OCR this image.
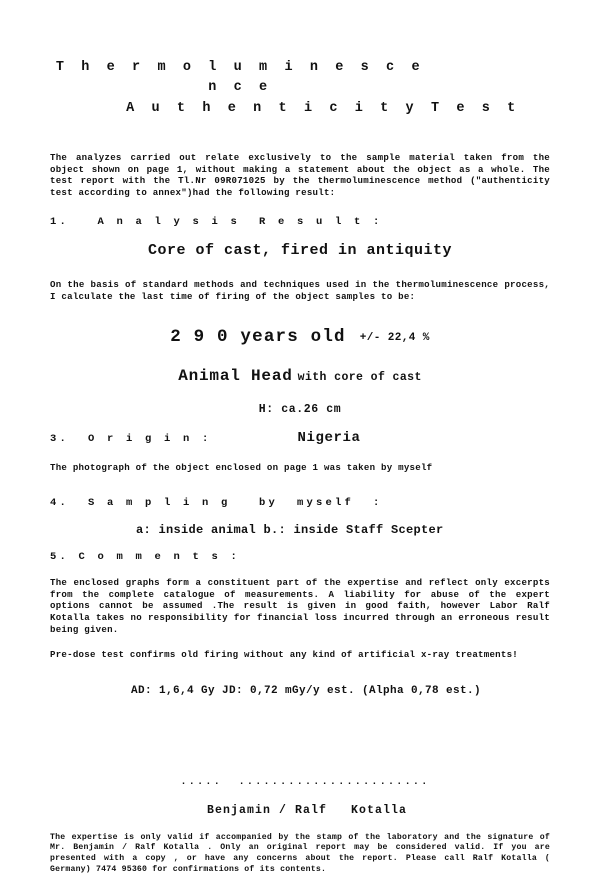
T h e r m o l u m i n e s c e n c e
A u t h e n t i c i t y T e s t
The analyzes carried out relate exclusively to the sample material taken from the object shown on page 1, without making a statement about the object as a whole. The test report with the Tl.Nr 09R071025 by the thermoluminescence method ("authenticity test according to annex")had the following result:
1.   A n a l y s i s  R e s u l t :
Core of cast, fired in antiquity
On the basis of standard methods and techniques used in the thermoluminescence process, I calculate the last time of firing of the object samples to be:
2 9 0 years old +/- 22,4 %
Animal Head with core of cast
H: ca.26 cm
3.  O r i g i n :	Nigeria
The photograph of the object enclosed on page 1 was taken by myself
4.  S a m p l i n g   by  myself  :
a: inside animal b.: inside Staff Scepter
5. C o m m e n t s :
The enclosed graphs form a constituent part of the expertise and reflect only excerpts from the complete catalogue of measurements. A liability for abuse of the expert options cannot be assumed .The result is given in good faith, however Labor Ralf Kotalla takes no responsibility for financial loss incurred through an erroneous result being given.
Pre-dose test confirms old firing without any kind of artificial x-ray treatments!
AD: 1,6,4 Gy JD: 0,72 mGy/y est. (Alpha 0,78 est.)
.....  .......................
Benjamin / Ralf   Kotalla
The expertise is only valid if accompanied by the stamp of the laboratory and the signature of Mr. Benjamin / Ralf Kotalla . Only an original report may be considered valid. If you are presented with a copy , or have any concerns about the report. Please call Ralf Kotalla ( Germany) 7474 95360 for confirmations of its contents.
